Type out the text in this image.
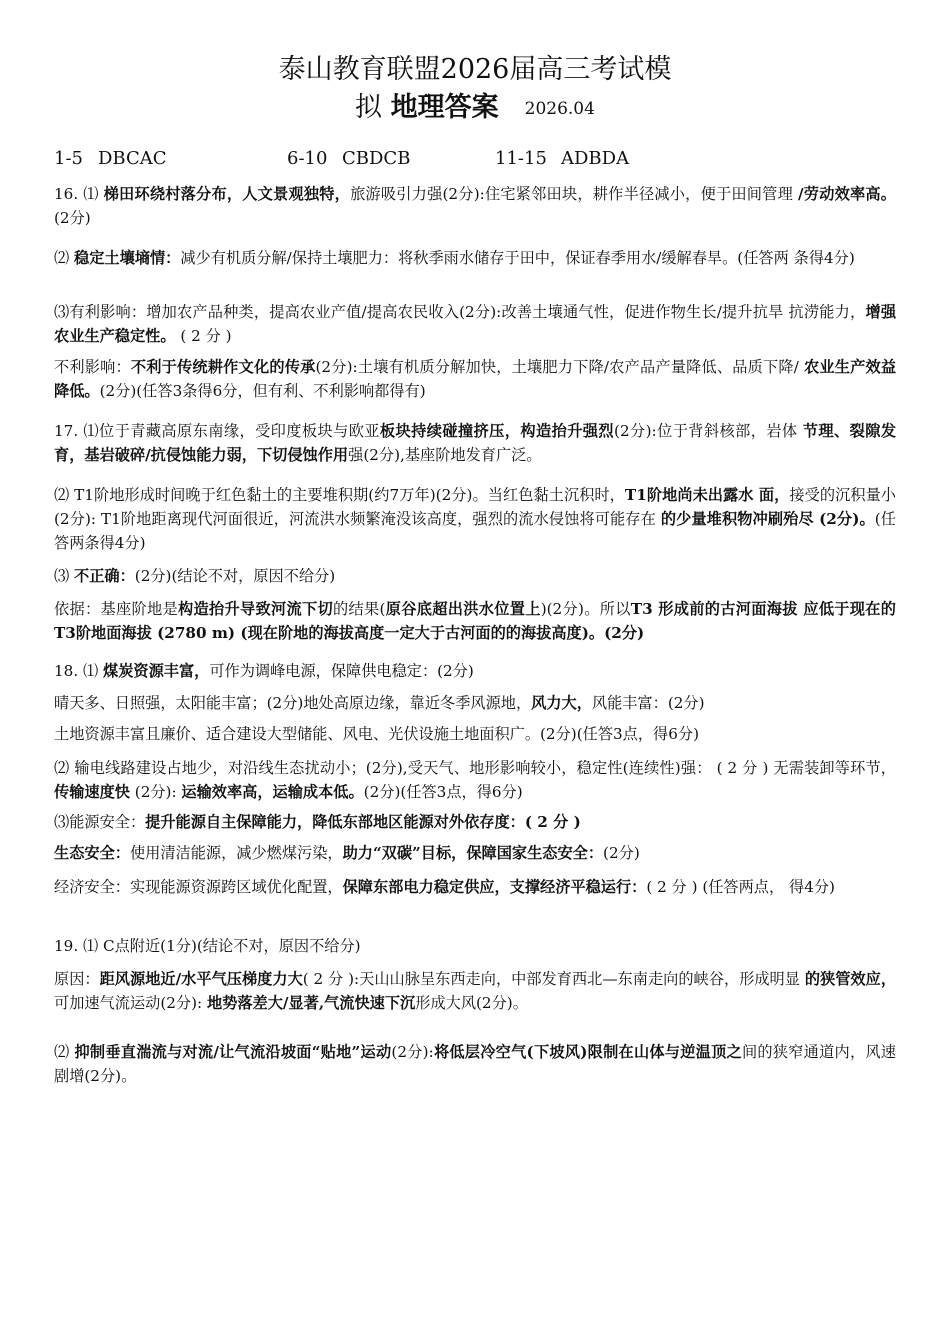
泰山教育联盟2026届高三考试模
拟 地理答案 2026.04
1-5 DBCAC	6-10 CBDCB	11-15 ADBDA

16. ⑴ 梯田环绕村落分布，人文景观独特，旅游吸引力强(2分):住宅紧邻田块，耕作半径减小，便于田间管理 /劳动效率高。(2分)

⑵ 稳定土壤墒情：减少有机质分解/保持土壤肥力：将秋季雨水储存于田中，保证春季用水/缓解春旱。(任答两 条得4分)

⑶有利影响：增加农产品种类，提高农业产值/提高农民收入(2分):改善土壤通气性，促进作物生长/提升抗旱 抗涝能力，增强农业生产稳定性。 ( 2 分 )

不利影响：不利于传统耕作文化的传承(2分):土壤有机质分解加快，土壤肥力下降/农产品产量降低、品质下降/ 农业生产效益降低。(2分)(任答3条得6分，但有利、不利影响都得有)

17. ⑴位于青藏高原东南缘，受印度板块与欧亚板块持续碰撞挤压，构造抬升强烈(2分):位于背斜核部，岩体 节理、裂隙发育，基岩破碎/抗侵蚀能力弱，下切侵蚀作用强(2分),基座阶地发育广泛。

⑵ T1阶地形成时间晚于红色黏土的主要堆积期(约7万年)(2分)。当红色黏土沉积时，T1阶地尚未出露水 面，接受的沉积量小(2分): T1阶地距离现代河面很近，河流洪水频繁淹没该高度，强烈的流水侵蚀将可能存在 的少量堆积物冲刷殆尽 (2分)。(任答两条得4分)

⑶ 不正确：(2分)(结论不对，原因不给分)

依据：基座阶地是构造抬升导致河流下切的结果(原谷底超出洪水位置上)(2分)。所以T3 形成前的古河面海拔 应低于现在的T3阶地面海拔 (2780 m) (现在阶地的海拔高度一定大于古河面的的海拔高度)。(2分)

18. ⑴ 煤炭资源丰富，可作为调峰电源，保障供电稳定：(2分)

晴天多、日照强，太阳能丰富；(2分)地处高原边缘，靠近冬季风源地，风力大，风能丰富：(2分)

土地资源丰富且廉价、适合建设大型储能、风电、光伏设施土地面积广。(2分)(任答3点，得6分)

⑵ 输电线路建设占地少，对沿线生态扰动小；(2分),受天气、地形影响较小，稳定性(连续性)强： ( 2 分 ) 无需装卸等环节，传输速度快 (2分): 运输效率高，运输成本低。(2分)(任答3点，得6分)

⑶能源安全：提升能源自主保障能力，降低东部地区能源对外依存度：( 2 分 )

生态安全：使用清洁能源，减少燃煤污染，助力“双碳”目标，保障国家生态安全：(2分)

经济安全：实现能源资源跨区域优化配置，保障东部电力稳定供应，支撑经济平稳运行：( 2 分 ) (任答两点， 得4分)

19. ⑴ C点附近(1分)(结论不对，原因不给分)

原因：距风源地近/水平气压梯度力大( 2 分 ):天山山脉呈东西走向，中部发育西北—东南走向的峡谷，形成明显 的狭管效应，可加速气流运动(2分): 地势落差大/显著,气流快速下沉形成大风(2分)。

⑵ 抑制垂直湍流与对流/让气流沿坡面“贴地”运动(2分):将低层冷空气(下坡风)限制在山体与逆温顶之间的狭窄通道内，风速剧增(2分)。
